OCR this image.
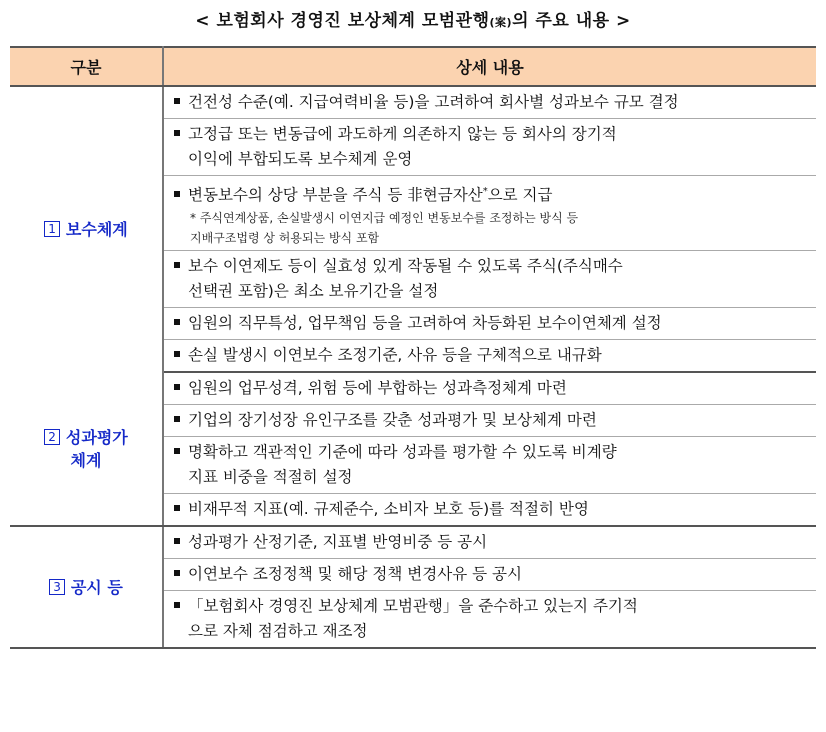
< 보험회사 경영진 보상체계 모범관행(案)의 주요 내용 >
구분	상세 내용
1 보수체계	건전성 수준(예. 지급여력비율 등)을 고려하여 회사별 성과보수 규모 결정

	고정급 또는 변동급에 과도하게 의존하지 않는 등 회사의 장기적
이익에 부합되도록 보수체계 운영

	변동보수의 상당 부분을 주식 등 非현금자산*으로 지급
* 주식연계상품, 손실발생시 이연지급 예정인 변동보수를 조정하는 방식 등
지배구조법령 상 허용되는 방식 포함

	보수 이연제도 등이 실효성 있게 작동될 수 있도록 주식(주식매수
선택권 포함)은 최소 보유기간을 설정

	임원의 직무특성, 업무책임 등을 고려하여 차등화된 보수이연체계 설정

	손실 발생시 이연보수 조정기준, 사유 등을 구체적으로 내규화

2 성과평가
체계	임원의 업무성격, 위험 등에 부합하는 성과측정체계 마련

	기업의 장기성장 유인구조를 갖춘 성과평가 및 보상체계 마련

	명확하고 객관적인 기준에 따라 성과를 평가할 수 있도록 비계량
지표 비중을 적절히 설정

	비재무적 지표(예. 규제준수, 소비자 보호 등)를 적절히 반영

3 공시 등	성과평가 산정기준, 지표별 반영비중 등 공시

	이연보수 조정정책 및 해당 정책 변경사유 등 공시

	「보험회사 경영진 보상체계 모범관행」을 준수하고 있는지 주기적
으로 자체 점검하고 재조정
